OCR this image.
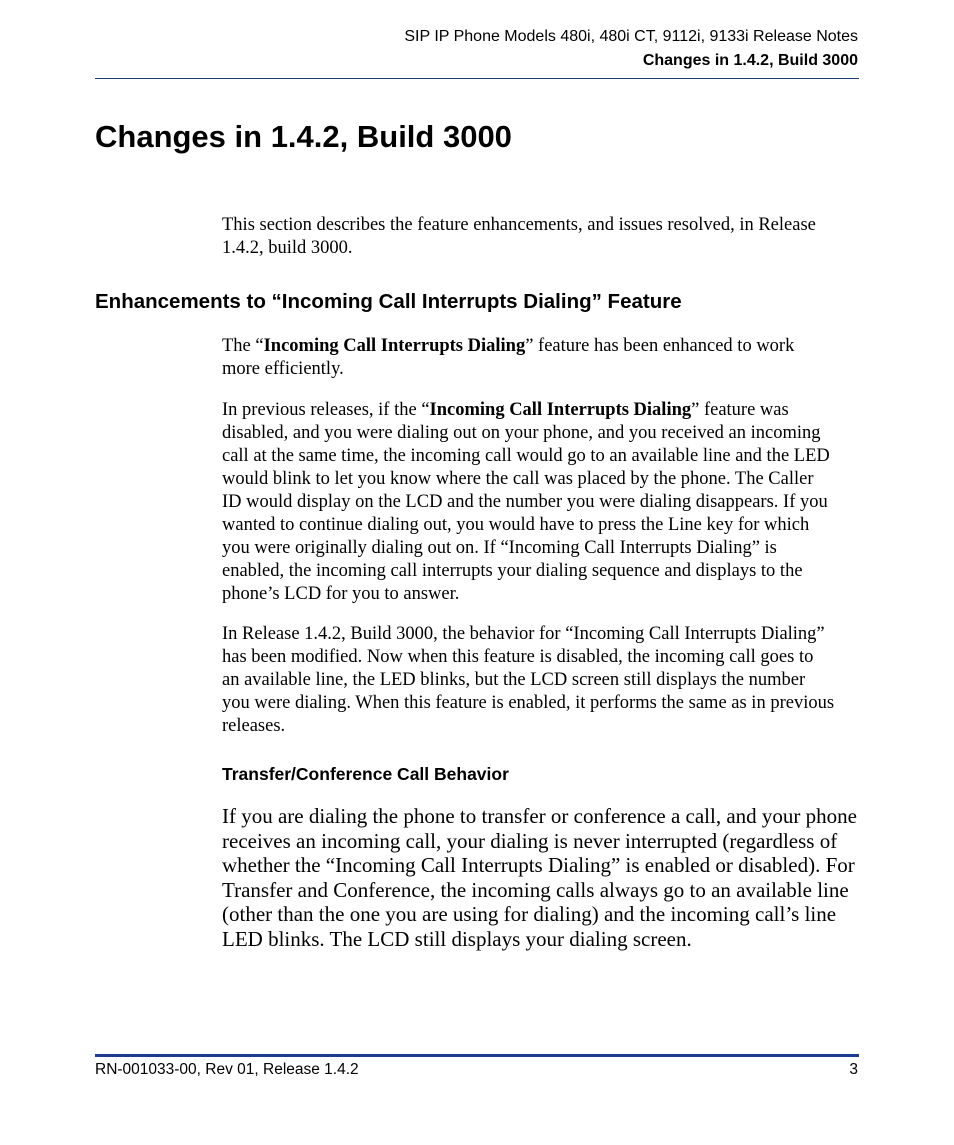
SIP IP Phone Models 480i, 480i CT, 9112i, 9133i Release Notes
Changes in 1.4.2, Build 3000
Changes in 1.4.2, Build 3000

This section describes the feature enhancements, and issues resolved, in Release
1.4.2, build 3000.

Enhancements to “Incoming Call Interrupts Dialing” Feature

The “Incoming Call Interrupts Dialing” feature has been enhanced to work
more efficiently.

In previous releases, if the “Incoming Call Interrupts Dialing” feature was
disabled, and you were dialing out on your phone, and you received an incoming
call at the same time, the incoming call would go to an available line and the LED
would blink to let you know where the call was placed by the phone. The Caller
ID would display on the LCD and the number you were dialing disappears. If you
wanted to continue dialing out, you would have to press the Line key for which
you were originally dialing out on. If “Incoming Call Interrupts Dialing” is
enabled, the incoming call interrupts your dialing sequence and displays to the
phone’s LCD for you to answer.

In Release 1.4.2, Build 3000, the behavior for “Incoming Call Interrupts Dialing”
has been modified. Now when this feature is disabled, the incoming call goes to
an available line, the LED blinks, but the LCD screen still displays the number
you were dialing. When this feature is enabled, it performs the same as in previous
releases.

Transfer/Conference Call Behavior

If you are dialing the phone to transfer or conference a call, and your phone
receives an incoming call, your dialing is never interrupted (regardless of
whether the “Incoming Call Interrupts Dialing” is enabled or disabled). For
Transfer and Conference, the incoming calls always go to an available line
(other than the one you are using for dialing) and the incoming call’s line
LED blinks. The LCD still displays your dialing screen.

RN-001033-00, Rev 01, Release 1.4.2	3
